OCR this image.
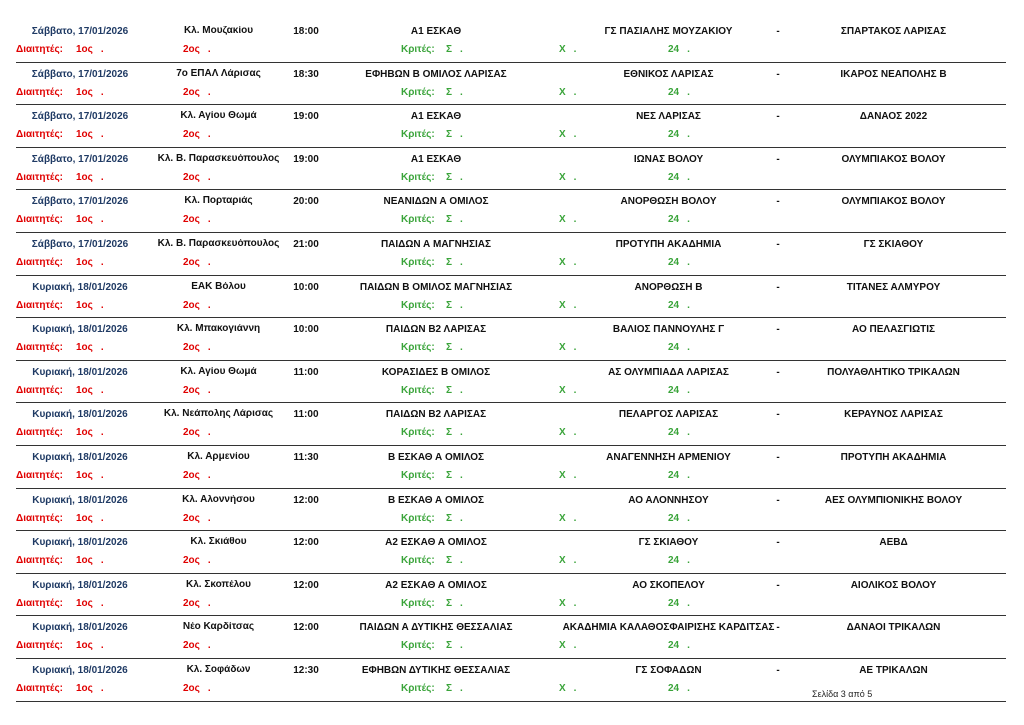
Σάββατο, 17/01/2026	Κλ. Μουζακίου	18:00	Α1 ΕΣΚΑΘ	ΓΣ ΠΑΣΙΑΛΗΣ ΜΟΥΖΑΚΙΟΥ	-	ΣΠΑΡΤΑΚΟΣ ΛΑΡΙΣΑΣ
Διαιτητές: 1ος .	2ος .	Κριτές: Σ .	Χ .	24 .
Σάββατο, 17/01/2026	7ο ΕΠΑΛ Λάρισας	18:30	ΕΦΗΒΩΝ Β ΟΜΙΛΟΣ ΛΑΡΙΣΑΣ	ΕΘΝΙΚΟΣ ΛΑΡΙΣΑΣ	-	ΙΚΑΡΟΣ ΝΕΑΠΟΛΗΣ Β
Διαιτητές: 1ος .	2ος .	Κριτές: Σ .	Χ .	24 .
Σάββατο, 17/01/2026	Κλ. Αγίου Θωμά	19:00	Α1 ΕΣΚΑΘ	ΝΕΣ ΛΑΡΙΣΑΣ	-	ΔΑΝΑΟΣ 2022
Διαιτητές: 1ος .	2ος .	Κριτές: Σ .	Χ .	24 .
Σάββατο, 17/01/2026	Κλ. Β. Παρασκευόπουλος	19:00	Α1 ΕΣΚΑΘ	ΙΩΝΑΣ ΒΟΛΟΥ	-	ΟΛΥΜΠΙΑΚΟΣ ΒΟΛΟΥ
Διαιτητές: 1ος .	2ος .	Κριτές: Σ .	Χ .	24 .
Σάββατο, 17/01/2026	Κλ. Πορταριάς	20:00	ΝΕΑΝΙΔΩΝ Α ΟΜΙΛΟΣ	ΑΝΟΡΘΩΣΗ ΒΟΛΟΥ	-	ΟΛΥΜΠΙΑΚΟΣ ΒΟΛΟΥ
Διαιτητές: 1ος .	2ος .	Κριτές: Σ .	Χ .	24 .
Σάββατο, 17/01/2026	Κλ. Β. Παρασκευόπουλος	21:00	ΠΑΙΔΩΝ Α ΜΑΓΝΗΣΙΑΣ	ΠΡΟΤΥΠΗ ΑΚΑΔΗΜΙΑ	-	ΓΣ ΣΚΙΑΘΟΥ
Διαιτητές: 1ος .	2ος .	Κριτές: Σ .	Χ .	24 .
Κυριακή, 18/01/2026	ΕΑΚ Βόλου	10:00	ΠΑΙΔΩΝ Β ΟΜΙΛΟΣ ΜΑΓΝΗΣΙΑΣ	ΑΝΟΡΘΩΣΗ Β	-	ΤΙΤΑΝΕΣ ΑΛΜΥΡΟΥ
Διαιτητές: 1ος .	2ος .	Κριτές: Σ .	Χ .	24 .
Κυριακή, 18/01/2026	Κλ. Μπακογιάννη	10:00	ΠΑΙΔΩΝ Β2 ΛΑΡΙΣΑΣ	ΒΑΛΙΟΣ ΠΑΝΝΟΥΛΗΣ Γ	-	ΑΟ ΠΕΛΑΣΓΙΩΤΙΣ
Διαιτητές: 1ος .	2ος .	Κριτές: Σ .	Χ .	24 .
Κυριακή, 18/01/2026	Κλ. Αγίου Θωμά	11:00	ΚΟΡΑΣΙΔΕΣ Β ΟΜΙΛΟΣ	ΑΣ ΟΛΥΜΠΙΑΔΑ ΛΑΡΙΣΑΣ	-	ΠΟΛΥΑΘΛΗΤΙΚΟ ΤΡΙΚΑΛΩΝ
Διαιτητές: 1ος .	2ος .	Κριτές: Σ .	Χ .	24 .
Κυριακή, 18/01/2026	Κλ. Νεάπολης Λάρισας	11:00	ΠΑΙΔΩΝ Β2 ΛΑΡΙΣΑΣ	ΠΕΛΑΡΓΟΣ ΛΑΡΙΣΑΣ	-	ΚΕΡΑΥΝΟΣ ΛΑΡΙΣΑΣ
Διαιτητές: 1ος .	2ος .	Κριτές: Σ .	Χ .	24 .
Κυριακή, 18/01/2026	Κλ. Αρμενίου	11:30	Β ΕΣΚΑΘ Α ΟΜΙΛΟΣ	ΑΝΑΓΕΝΝΗΣΗ ΑΡΜΕΝΙΟΥ	-	ΠΡΟΤΥΠΗ ΑΚΑΔΗΜΙΑ
Διαιτητές: 1ος .	2ος .	Κριτές: Σ .	Χ .	24 .
Κυριακή, 18/01/2026	Κλ. Αλοννήσου	12:00	Β ΕΣΚΑΘ Α ΟΜΙΛΟΣ	ΑΟ ΑΛΟΝΝΗΣΟΥ	-	ΑΕΣ ΟΛΥΜΠΙΟΝΙΚΗΣ ΒΟΛΟΥ
Διαιτητές: 1ος .	2ος .	Κριτές: Σ .	Χ .	24 .
Κυριακή, 18/01/2026	Κλ. Σκιάθου	12:00	Α2 ΕΣΚΑΘ Α ΟΜΙΛΟΣ	ΓΣ ΣΚΙΑΘΟΥ	-	ΑΕΒΔ
Διαιτητές: 1ος .	2ος .	Κριτές: Σ .	Χ .	24 .
Κυριακή, 18/01/2026	Κλ. Σκοπέλου	12:00	Α2 ΕΣΚΑΘ Α ΟΜΙΛΟΣ	ΑΟ ΣΚΟΠΕΛΟΥ	-	ΑΙΟΛΙΚΟΣ ΒΟΛΟΥ
Διαιτητές: 1ος .	2ος .	Κριτές: Σ .	Χ .	24 .
Κυριακή, 18/01/2026	Νέο Καρδίτσας	12:00	ΠΑΙΔΩΝ Α ΔΥΤΙΚΗΣ ΘΕΣΣΑΛΙΑΣ	ΑΚΑΔΗΜΙΑ ΚΑΛΑΘΟΣΦΑΙΡΙΣΗΣ ΚΑΡΔΙΤΣΑΣ -	ΔΑΝΑΟΙ ΤΡΙΚΑΛΩΝ
Διαιτητές: 1ος .	2ος .	Κριτές: Σ .	Χ .	24 .
Κυριακή, 18/01/2026	Κλ. Σοφάδων	12:30	ΕΦΗΒΩΝ ΔΥΤΙΚΗΣ ΘΕΣΣΑΛΙΑΣ	ΓΣ ΣΟΦΑΔΩΝ	-	ΑΕ ΤΡΙΚΑΛΩΝ
Διαιτητές: 1ος .	2ος .	Κριτές: Σ .	Χ .	24 .
Σελίδα 3 από 5
